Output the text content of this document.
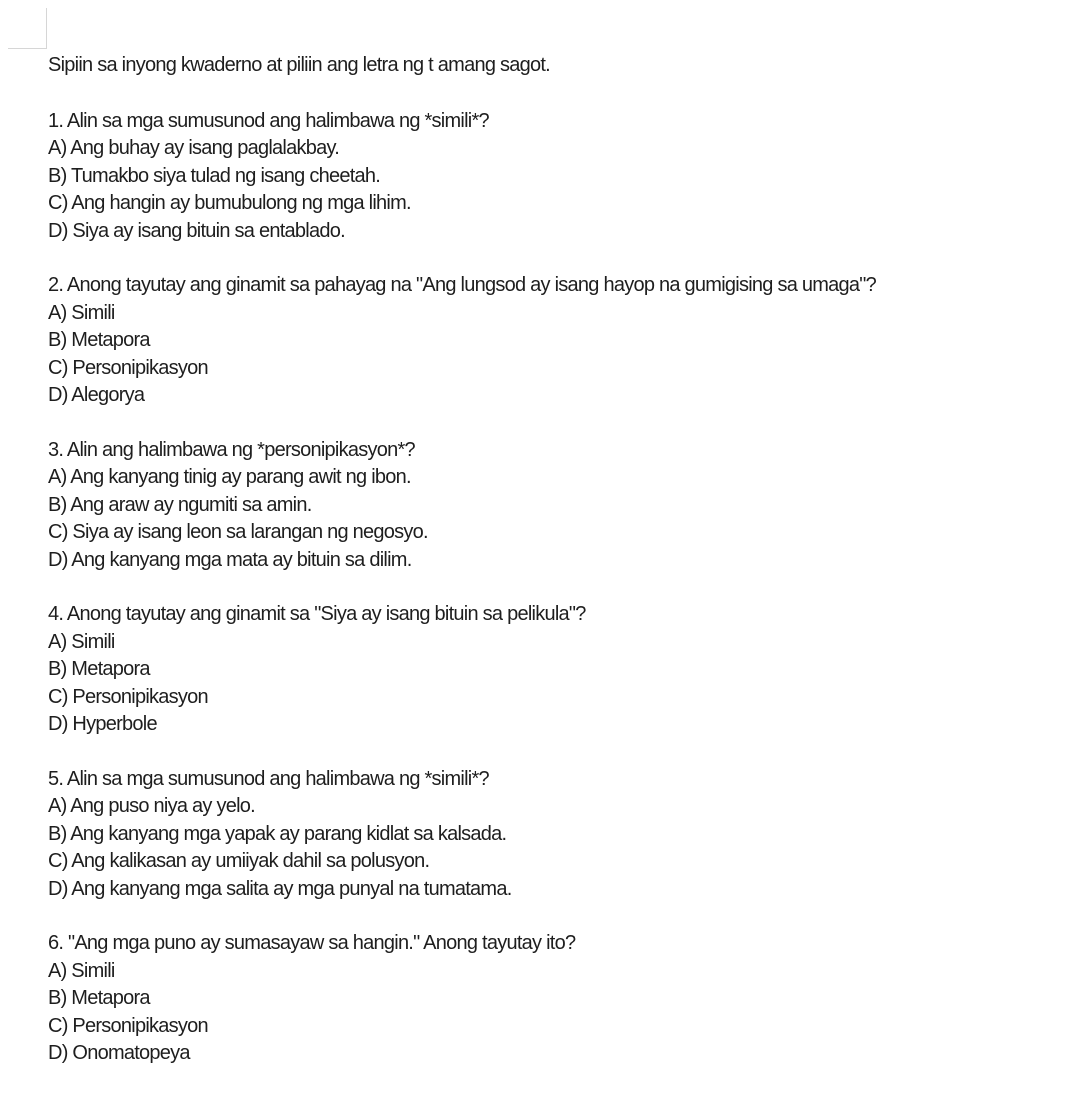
Sipiin sa inyong kwaderno at piliin ang letra ng t amang sagot.
1. Alin sa mga sumusunod ang halimbawa ng *simili*?
A) Ang buhay ay isang paglalakbay.
B) Tumakbo siya tulad ng isang cheetah.
C) Ang hangin ay bumubulong ng mga lihim.
D) Siya ay isang bituin sa entablado.
2. Anong tayutay ang ginamit sa pahayag na "Ang lungsod ay isang hayop na gumigising sa umaga"?
A) Simili
B) Metapora
C) Personipikasyon
D) Alegorya
3. Alin ang halimbawa ng *personipikasyon*?
A) Ang kanyang tinig ay parang awit ng ibon.
B) Ang araw ay ngumiti sa amin.
C) Siya ay isang leon sa larangan ng negosyo.
D) Ang kanyang mga mata ay bituin sa dilim.
4. Anong tayutay ang ginamit sa "Siya ay isang bituin sa pelikula"?
A) Simili
B) Metapora
C) Personipikasyon
D) Hyperbole
5. Alin sa mga sumusunod ang halimbawa ng *simili*?
A) Ang puso niya ay yelo.
B) Ang kanyang mga yapak ay parang kidlat sa kalsada.
C) Ang kalikasan ay umiiyak dahil sa polusyon.
D) Ang kanyang mga salita ay mga punyal na tumatama.
6. "Ang mga puno ay sumasayaw sa hangin." Anong tayutay ito?
A) Simili
B) Metapora
C) Personipikasyon
D) Onomatopeya
